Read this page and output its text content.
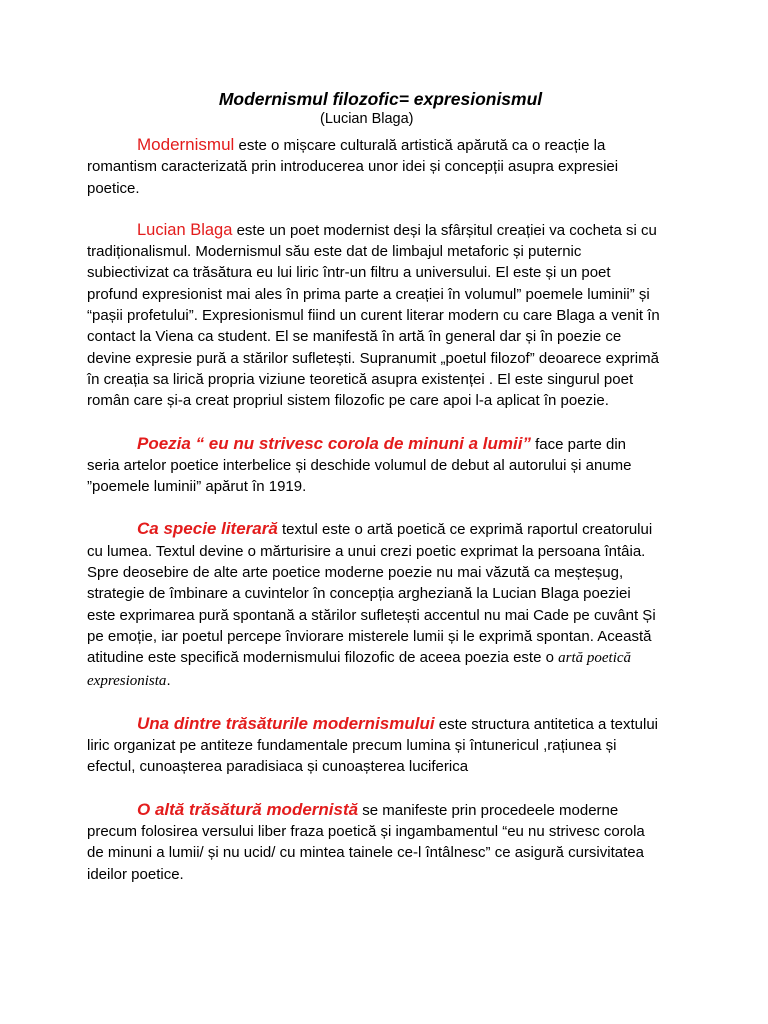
Modernismul filozofic= expresionismul
(Lucian Blaga)

Modernismul este o mișcare culturală artistică apărută ca o reacție la romantism caracterizată prin introducerea unor idei și concepții asupra expresiei poetice.

Lucian Blaga este un poet modernist deși la sfârșitul creației va cocheta si cu tradiționalismul. Modernismul său este dat de limbajul metaforic și puternic subiectivizat ca trăsătura eu lui liric într-un filtru a universului. El este și un poet profund expresionist mai ales în prima parte a creației în volumul” poemele luminii” și “pașii profetului”. Expresionismul fiind un curent literar modern cu care Blaga a venit în contact la Viena ca student. El se manifestă în artă în general dar și în poezie ce devine expresie pură a stărilor sufletești. Supranumit „poetul filozof” deoarece exprimă în creația sa lirică propria viziune teoretică asupra existenței . El este singurul poet român care și-a creat propriul sistem filozofic pe care apoi l-a aplicat în poezie.

Poezia “ eu nu strivesc corola de minuni a lumii” face parte din seria artelor poetice interbelice și deschide volumul de debut al autorului și anume ”poemele luminii” apărut în 1919.

Ca specie literară textul este o artă poetică ce exprimă raportul creatorului cu lumea. Textul devine o mărturisire a unui crezi poetic exprimat la persoana întâia. Spre deosebire de alte arte poetice moderne poezie nu mai văzută ca meșteșug, strategie de îmbinare a cuvintelor în concepția argheziană la Lucian Blaga poeziei este exprimarea pură spontană a stărilor sufletești accentul nu mai Cade pe cuvânt Și pe emoție, iar poetul percepe înviorare misterele lumii și le exprimă spontan. Această atitudine este specifică modernismului filozofic de aceea poezia este o artă poetică expresionista.

Una dintre trăsăturile modernismului este structura antitetica a textului liric organizat pe antiteze fundamentale precum lumina și întunericul ,rațiunea și efectul, cunoașterea paradisiaca și cunoașterea luciferica

O altă trăsătură modernistă se manifeste prin procedeele moderne precum folosirea versului liber fraza poetică și ingambamentul “eu nu strivesc corola de minuni a lumii/ și nu ucid/ cu mintea tainele ce-l întâlnesc” ce asigură cursivitatea ideilor poetice.
